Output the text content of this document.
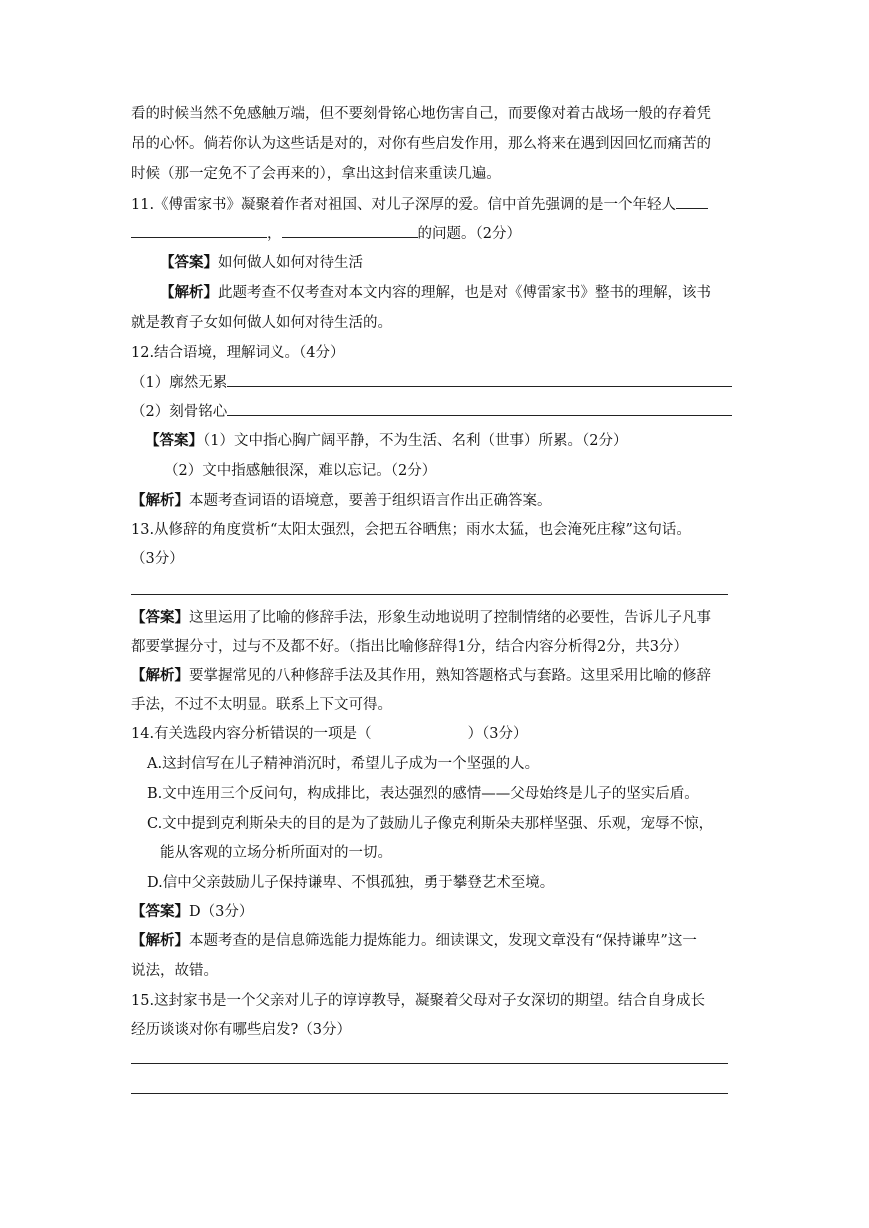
看的时候当然不免感触万端，但不要刻骨铭心地伤害自己，而要像对着古战场一般的存着凭
吊的心怀。倘若你认为这些话是对的，对你有些启发作用，那么将来在遇到因回忆而痛苦的
时候（那一定免不了会再来的），拿出这封信来重读几遍。
11.《傅雷家书》凝聚着作者对祖国、对儿子深厚的爱。信中首先强调的是一个年轻人
，	的问题。（2分）
【答案】如何做人如何对待生活
【解析】此题考查不仅考查对本文内容的理解，也是对《傅雷家书》整书的理解，该书
就是教育子女如何做人如何对待生活的。
12.结合语境，理解词义。（4分）
（1）廓然无累
（2）刻骨铭心
【答案】（1）文中指心胸广阔平静，不为生活、名利（世事）所累。（2分）
（2）文中指感触很深，难以忘记。（2分）
【解析】本题考查词语的语境意，要善于组织语言作出正确答案。
13.从修辞的角度赏析“太阳太强烈，会把五谷晒焦；雨水太猛，也会淹死庄稼”这句话。
（3分）
【答案】这里运用了比喻的修辞手法，形象生动地说明了控制情绪的必要性，告诉儿子凡事
都要掌握分寸，过与不及都不好。（指出比喻修辞得1分，结合内容分析得2分，共3分）
【解析】要掌握常见的八种修辞手法及其作用，熟知答题格式与套路。这里采用比喻的修辞
手法，不过不太明显。联系上下文可得。
14.有关选段内容分析错误的一项是（	）（3分）
A.这封信写在儿子精神消沉时，希望儿子成为一个坚强的人。
B.文中连用三个反问句，构成排比，表达强烈的感情——父母始终是儿子的坚实后盾。
C.文中提到克利斯朵夫的目的是为了鼓励儿子像克利斯朵夫那样坚强、乐观，宠辱不惊，
能从客观的立场分析所面对的一切。
D.信中父亲鼓励儿子保持谦卑、不惧孤独，勇于攀登艺术至境。
【答案】D（3分）
【解析】本题考查的是信息筛选能力提炼能力。细读课文，发现文章没有“保持谦卑”这一
说法，故错。
15.这封家书是一个父亲对儿子的谆谆教导，凝聚着父母对子女深切的期望。结合自身成长
经历谈谈对你有哪些启发?（3分）
